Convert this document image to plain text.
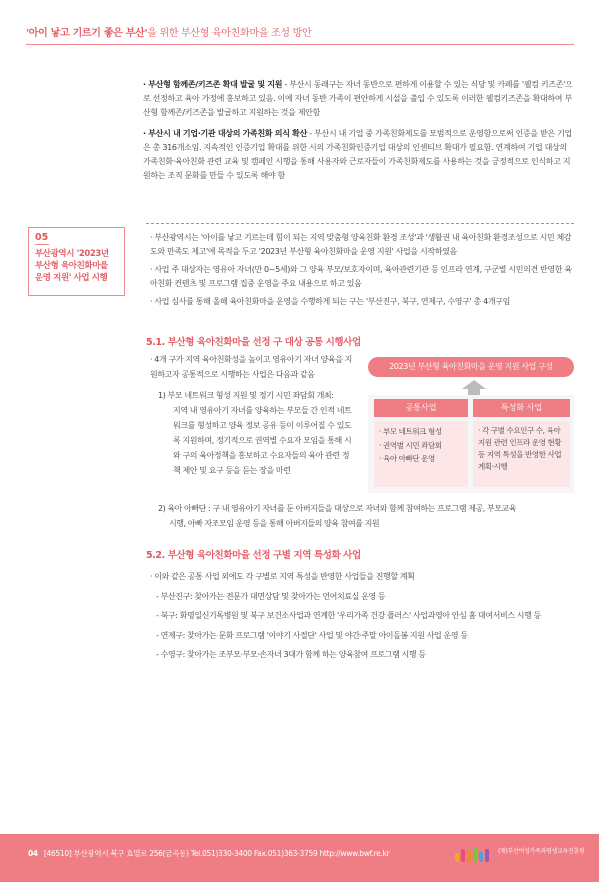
'아이 낳고 기르기 좋은 부산'을 위한 부산형 육아친화마을 조성 방안

· 부산형 함께존/키즈존 확대 발굴 및 지원 - 부산시 동래구는 자녀 동반으로 편하게 이용할 수 있는 식당 및 카페를 '웰컴 키즈존'으로 선정하고 육아 가정에 홍보하고 있음. 이에 자녀 동반 가족이 편안하게 시설을 출입 수 있도록 이러한 웰컴키즈존을 확대하여 부산형 함께존/키즈존을 발굴하고 지원하는 것을 제안함

· 부산시 내 기업·기관 대상의 가족친화 의식 확산 - 부산시 내 기업 중 가족친화제도를 모범적으로 운영함으로써 인증을 받은 기업은 총 316개소임. 지속적인 인증기업 확대를 위한 시의 가족친화인증기업 대상의 인센티브 확대가 필요함. 연계하여 기업 대상의 가족친화·육아친화 관련 교육 및 캠페인 시행을 통해 사용자와 근로자들이 가족친화제도를 사용하는 것을 긍정적으로 인식하고 지원하는 조직 문화를 만들 수 있도록 해야 함

05
부산광역시 '2023년 부산형 육아친화마을 운영 지원' 사업 시행

· 부산광역시는 '아이를 낳고 기르는데 힘이 되는 지역 맞춤형 양육친화 환경 조성'과 '생활권 내 육아친화 환경조성으로 시민 체감도와 만족도 제고'에 목적을 두고 '2023년 부산형 육아친화마을 운영 지원' 사업을 시작하였음

· 사업 주 대상자는 영유아 자녀(만 0~5세)와 그 양육 부모/보호자이며, 육아관련기관 등 인프라 연계, 구군별 시민의견 반영한 육아친화 컨텐츠 및 프로그램 집중 운영을 주요 내용으로 하고 있음

· 사업 심사를 통해 올해 육아친화마을 운영을 수행하게 되는 구는 '부산진구, 북구, 연제구, 수영구' 총 4개구임

5.1. 부산형 육아친화마을 선정 구 대상 공통 시행사업
· 4개 구가 지역 육아친화성을 높이고 영유아기 자녀 양육을 지원하고자 공통적으로 시행하는 사업은 다음과 같음
1) 부모 네트워크 형성 지원 및 정기 시민 좌담회 개최:
지역 내 영유아기 자녀를 양육하는 부모들 간 인적 네트워크를 형성하고 양육 정보 공유 등이 이루어질 수 있도록 지원하며, 정기적으로 권역별 수요자 모임을 통해 시와 구의 육아정책을 홍보하고 수요자들의 육아 관련 정책 제안 및 요구 등을 듣는 장을 마련
2023년 부산형 육아친화마을 운영 지원 사업 구성
공통사업	특성화 사업
· 부모 네트워크 형성
· 권역별 시민 좌담회
· 육아 아빠단 운영
· 각 구별 수요인구 수, 육아 지원 관련 인프라 운영 현황 등 지역 특성을 반영한 사업 계획·시행
2) 육아 아빠단 : 구 내 영유아기 자녀를 둔 아버지들을 대상으로 자녀와 함께 참여하는 프로그램 제공, 부모교육
시행, 아빠 자조모임 운영 등을 통해 아버지들의 양육 참여를 지원
5.2. 부산형 육아친화마을 선정 구별 지역 특성화 사업
· 이와 같은 공통 사업 외에도 각 구별로 지역 특성을 반영한 사업들을 진행할 계획
- 부산진구: 찾아가는 전문가 대면상담 및 찾아가는 언어치료실 운영 등
- 북구: 화명일신기독병원 및 북구 보건소사업과 연계한 '우리가족 건강 플러스' 사업과영아 안심 홈 대여서비스 시행 등
- 연제구: 찾아가는 문화 프로그램 '이야기 사절단' 사업 및 야간·주말 아이돌봄 지원 사업 운영 등
- 수영구: 찾아가는 조부모·부모·손자녀 3대가 함께 하는 양육참여 프로그램 시행 등
04 [46510] 부산광역시 북구 효열로 256(금곡동) Tel.051)330-3400 Fax.051)363-3759 http://www.bwf.re.kr	(재)부산여성가족과평생교육진흥원
